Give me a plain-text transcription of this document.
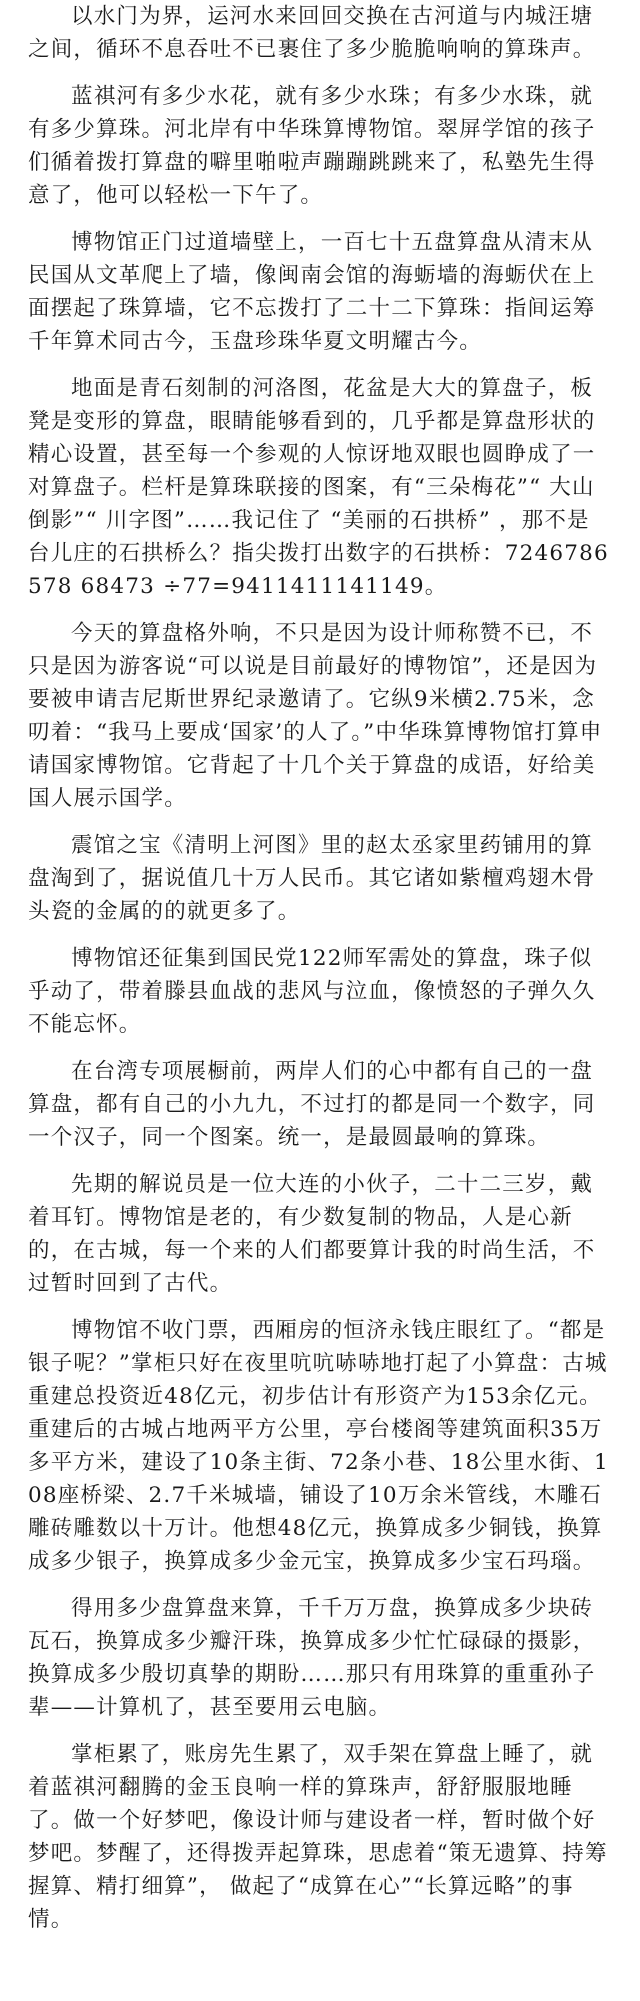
以水门为界，运河水来回回交换在古河道与内城汪塘之间，循环不息吞吐不已裹住了多少脆脆响响的算珠声。

蓝祺河有多少水花，就有多少水珠；有多少水珠，就有多少算珠。河北岸有中华珠算博物馆。翠屏学馆的孩子们循着拨打算盘的噼里啪啦声蹦蹦跳跳来了，私塾先生得意了，他可以轻松一下午了。

博物馆正门过道墙壁上，一百七十五盘算盘从清末从民国从文革爬上了墙，像闽南会馆的海蛎墙的海蛎伏在上面摆起了珠算墙，它不忘拨打了二十二下算珠：指间运筹千年算术同古今，玉盘珍珠华夏文明耀古今。

地面是青石刻制的河洛图，花盆是大大的算盘子，板凳是变形的算盘，眼睛能够看到的，几乎都是算盘形状的精心设置，甚至每一个参观的人惊讶地双眼也圆睁成了一对算盘子。栏杆是算珠联接的图案，有“三朵梅花”“ 大山倒影”“ 川字图”……我记住了 “美丽的石拱桥” ，那不是台儿庄的石拱桥么？指尖拨打出数字的石拱桥：7246786578 68473 ÷77=9411411141149。

今天的算盘格外响，不只是因为设计师称赞不已，不只是因为游客说“可以说是目前最好的博物馆”，还是因为要被申请吉尼斯世界纪录邀请了。它纵9米横2.75米，念叨着：“我马上要成‘国家’的人了。”中华珠算博物馆打算申请国家博物馆。它背起了十几个关于算盘的成语，好给美国人展示国学。

震馆之宝《清明上河图》里的赵太丞家里药铺用的算盘淘到了，据说值几十万人民币。其它诸如紫檀鸡翅木骨头瓷的金属的的就更多了。

博物馆还征集到国民党122师军需处的算盘，珠子似乎动了，带着滕县血战的悲风与泣血，像愤怒的子弹久久不能忘怀。

在台湾专项展橱前，两岸人们的心中都有自己的一盘算盘，都有自己的小九九，不过打的都是同一个数字，同一个汉子，同一个图案。统一，是最圆最响的算珠。

先期的解说员是一位大连的小伙子，二十二三岁，戴着耳钉。博物馆是老的，有少数复制的物品，人是心新的，在古城，每一个来的人们都要算计我的时尚生活，不过暂时回到了古代。

博物馆不收门票，西厢房的恒济永钱庄眼红了。“都是银子呢？”掌柜只好在夜里吭吭哧哧地打起了小算盘：古城重建总投资近48亿元，初步估计有形资产为153余亿元。重建后的古城占地两平方公里，亭台楼阁等建筑面积35万多平方米，建设了10条主街、72条小巷、18公里水街、108座桥梁、2.7千米城墙，铺设了10万余米管线，木雕石雕砖雕数以十万计。他想48亿元，换算成多少铜钱，换算成多少银子，换算成多少金元宝，换算成多少宝石玛瑙。

得用多少盘算盘来算，千千万万盘，换算成多少块砖瓦石，换算成多少瓣汗珠，换算成多少忙忙碌碌的摄影，换算成多少殷切真挚的期盼……那只有用珠算的重重孙子辈——计算机了，甚至要用云电脑。

掌柜累了，账房先生累了，双手架在算盘上睡了，就着蓝祺河翻腾的金玉良响一样的算珠声，舒舒服服地睡了。做一个好梦吧，像设计师与建设者一样，暂时做个好梦吧。梦醒了，还得拨弄起算珠，思虑着“策无遗算、持筹握算、精打细算”， 做起了“成算在心”“长算远略”的事情。
